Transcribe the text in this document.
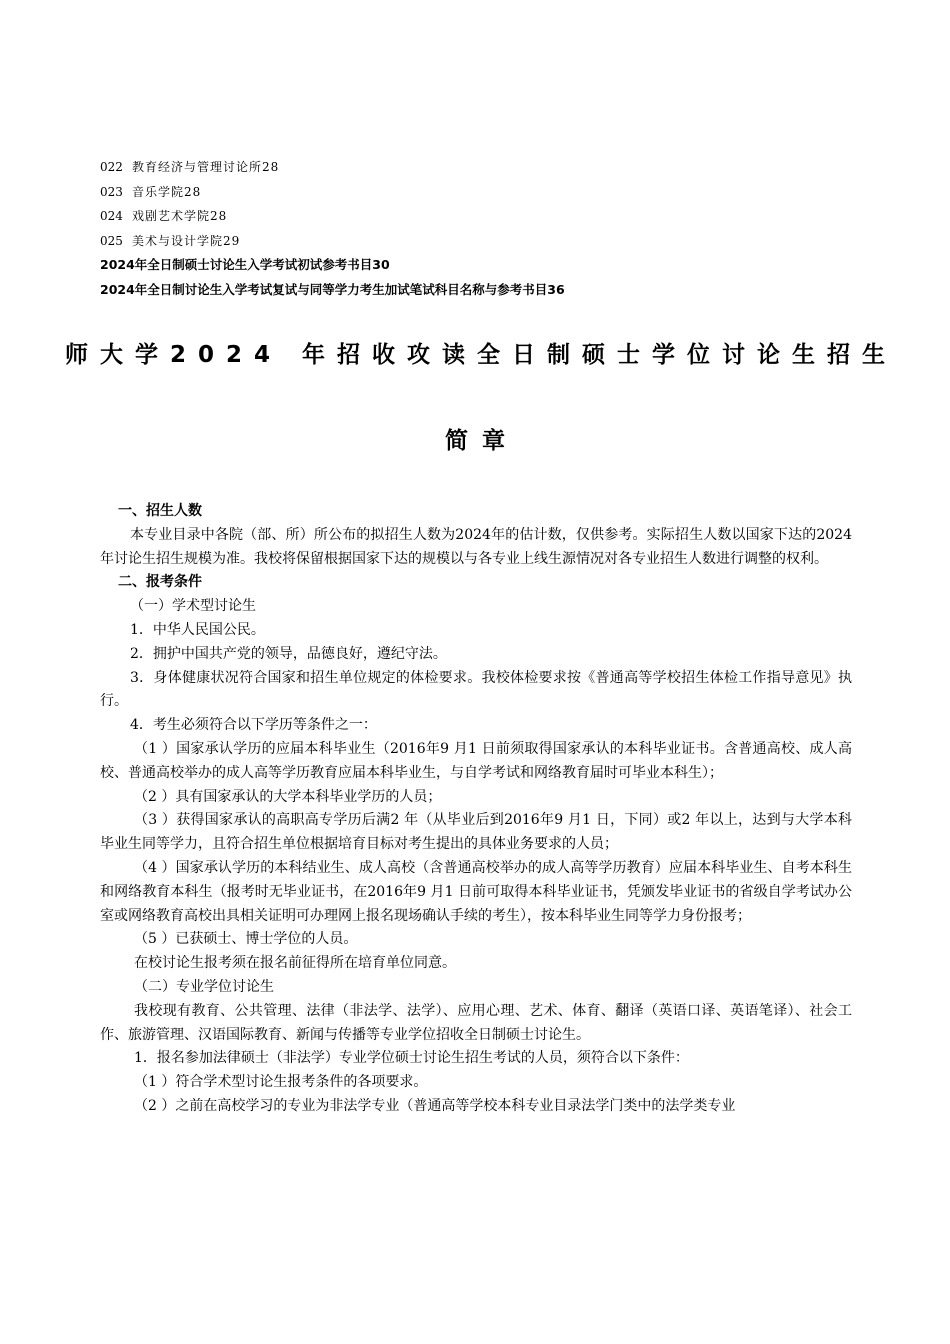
022 教育经济与管理讨论所28
023 音乐学院28
024 戏剧艺术学院28
025 美术与设计学院29
2024年全日制硕士讨论生入学考试初试参考书目30
2024年全日制讨论生入学考试复试与同等学力考生加试笔试科目名称与参考书目36
师大学2024 年招收攻读全日制硕士学位讨论生招生
简章

一、招生人数

本专业目录中各院（部、所）所公布的拟招生人数为2024年的估计数，仅供参考。实际招生人数以国家下达的2024年讨论生招生规模为准。我校将保留根据国家下达的规模以与各专业上线生源情况对各专业招生人数进行调整的权利。

二、报考条件

（一）学术型讨论生

1．中华人民国公民。

2．拥护中国共产党的领导，品德良好，遵纪守法。

3．身体健康状况符合国家和招生单位规定的体检要求。我校体检要求按《普通高等学校招生体检工作指导意见》执行。

4．考生必须符合以下学历等条件之一：

（1 ）国家承认学历的应届本科毕业生（2016年9 月1 日前须取得国家承认的本科毕业证书。含普通高校、成人高校、普通高校举办的成人高等学历教育应届本科毕业生，与自学考试和网络教育届时可毕业本科生）；

（2 ）具有国家承认的大学本科毕业学历的人员；

（3 ）获得国家承认的高职高专学历后满2 年（从毕业后到2016年9 月1 日，下同）或2 年以上，达到与大学本科毕业生同等学力，且符合招生单位根据培育目标对考生提出的具体业务要求的人员；

（4 ）国家承认学历的本科结业生、成人高校（含普通高校举办的成人高等学历教育）应届本科毕业生、自考本科生和网络教育本科生（报考时无毕业证书，在2016年9 月1 日前可取得本科毕业证书，凭颁发毕业证书的省级自学考试办公室或网络教育高校出具相关证明可办理网上报名现场确认手续的考生），按本科毕业生同等学力身份报考；

（5 ）已获硕士、博士学位的人员。

在校讨论生报考须在报名前征得所在培育单位同意。

（二）专业学位讨论生

我校现有教育、公共管理、法律（非法学、法学）、应用心理、艺术、体育、翻译（英语口译、英语笔译）、社会工作、旅游管理、汉语国际教育、新闻与传播等专业学位招收全日制硕士讨论生。

1．报名参加法律硕士（非法学）专业学位硕士讨论生招生考试的人员，须符合以下条件：

（1 ）符合学术型讨论生报考条件的各项要求。

（2 ）之前在高校学习的专业为非法学专业（普通高等学校本科专业目录法学门类中的法学类专业
